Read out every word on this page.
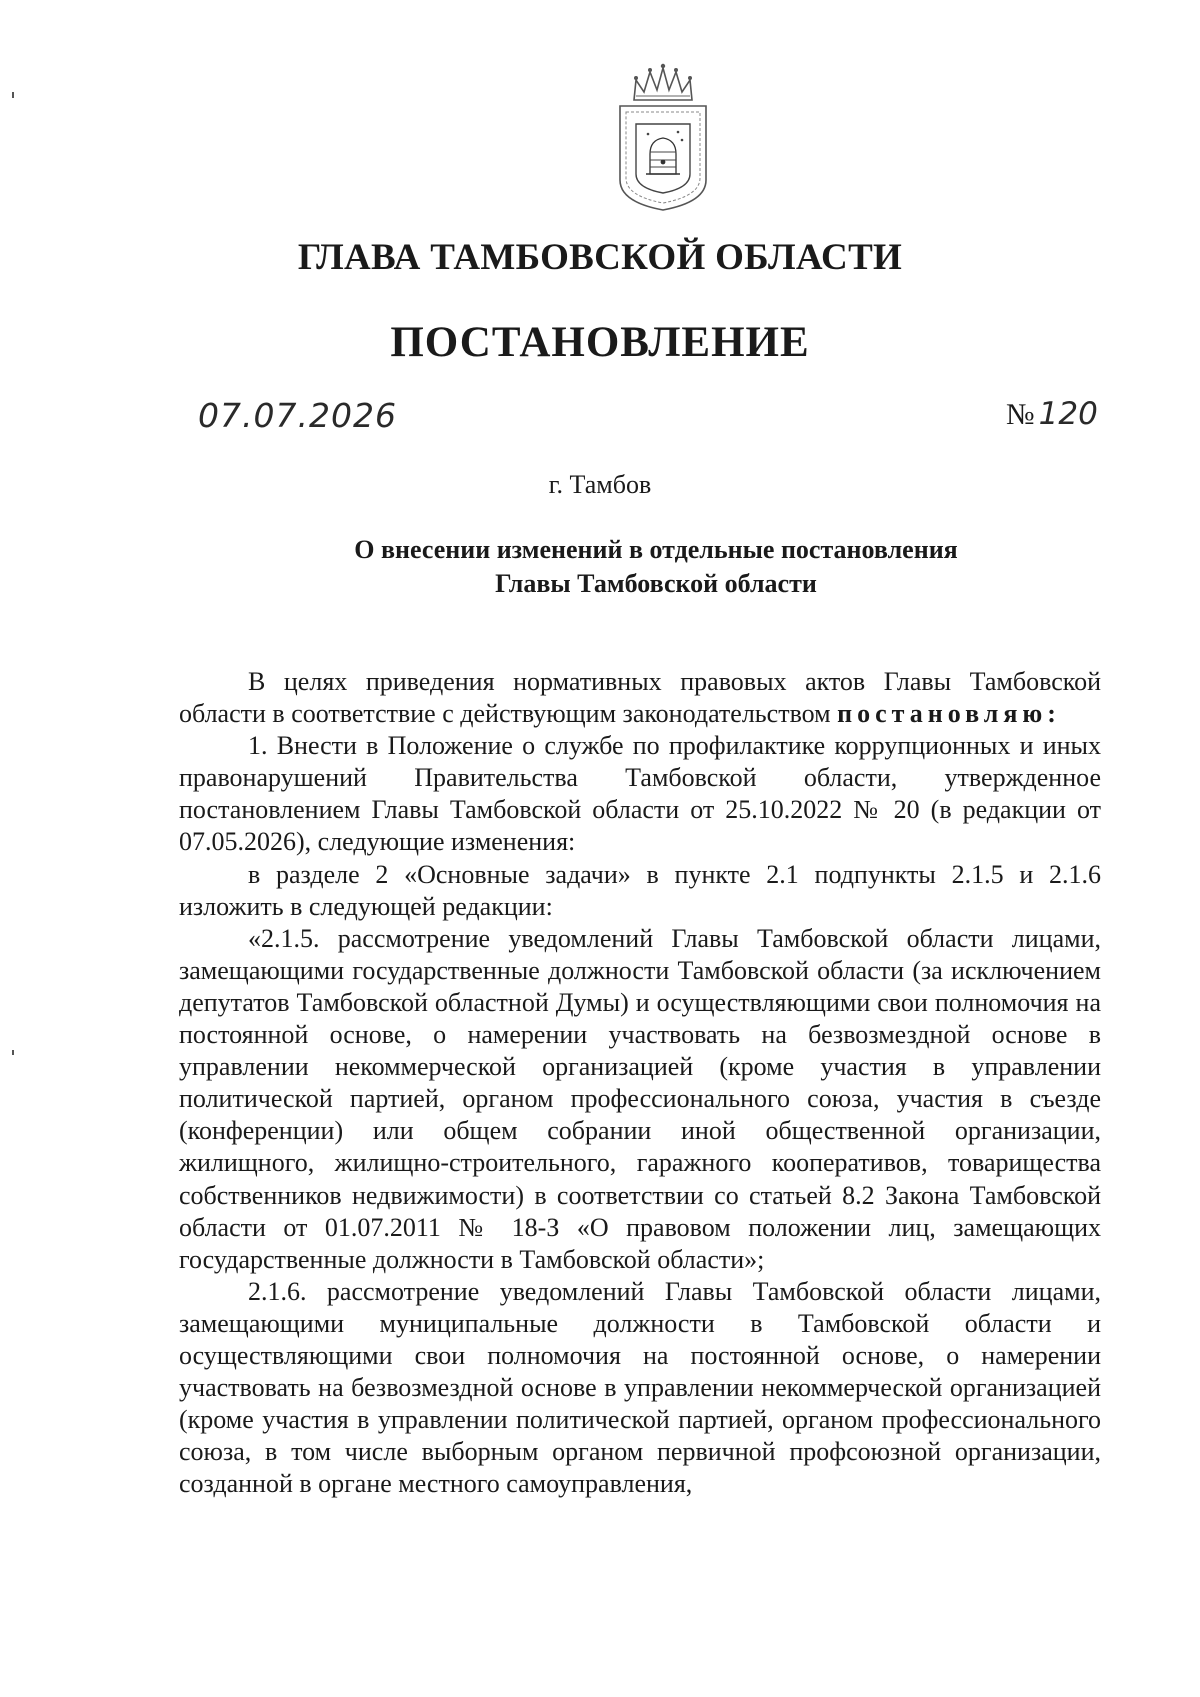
ГЛАВА ТАМБОВСКОЙ ОБЛАСТИ
ПОСТАНОВЛЕНИЕ
07.07.2026	№ 120
г. Тамбов
О внесении изменений в отдельные постановления
Главы Тамбовской области

В целях приведения нормативных правовых актов Главы Тамбовской области в соответствие с действующим законодательством постановляю:

1. Внести в Положение о службе по профилактике коррупционных и иных правонарушений Правительства Тамбовской области, утвержденное постановлением Главы Тамбовской области от 25.10.2022 № 20 (в редакции от 07.05.2026), следующие изменения:

в разделе 2 «Основные задачи» в пункте 2.1 подпункты 2.1.5 и 2.1.6 изложить в следующей редакции:

«2.1.5. рассмотрение уведомлений Главы Тамбовской области лицами, замещающими государственные должности Тамбовской области (за исключением депутатов Тамбовской областной Думы) и осуществляющими свои полномочия на постоянной основе, о намерении участвовать на безвозмездной основе в управлении некоммерческой организацией (кроме участия в управлении политической партией, органом профессионального союза, участия в съезде (конференции) или общем собрании иной общественной организации, жилищного, жилищно-строительного, гаражного кооперативов, товарищества собственников недвижимости) в соответствии со статьей 8.2 Закона Тамбовской области от 01.07.2011 № 18-З «О правовом положении лиц, замещающих государственные должности в Тамбовской области»;

2.1.6. рассмотрение уведомлений Главы Тамбовской области лицами, замещающими муниципальные должности в Тамбовской области и осуществляющими свои полномочия на постоянной основе, о намерении участвовать на безвозмездной основе в управлении некоммерческой организацией (кроме участия в управлении политической партией, органом профессионального союза, в том числе выборным органом первичной профсоюзной организации, созданной в органе местного самоуправления,
